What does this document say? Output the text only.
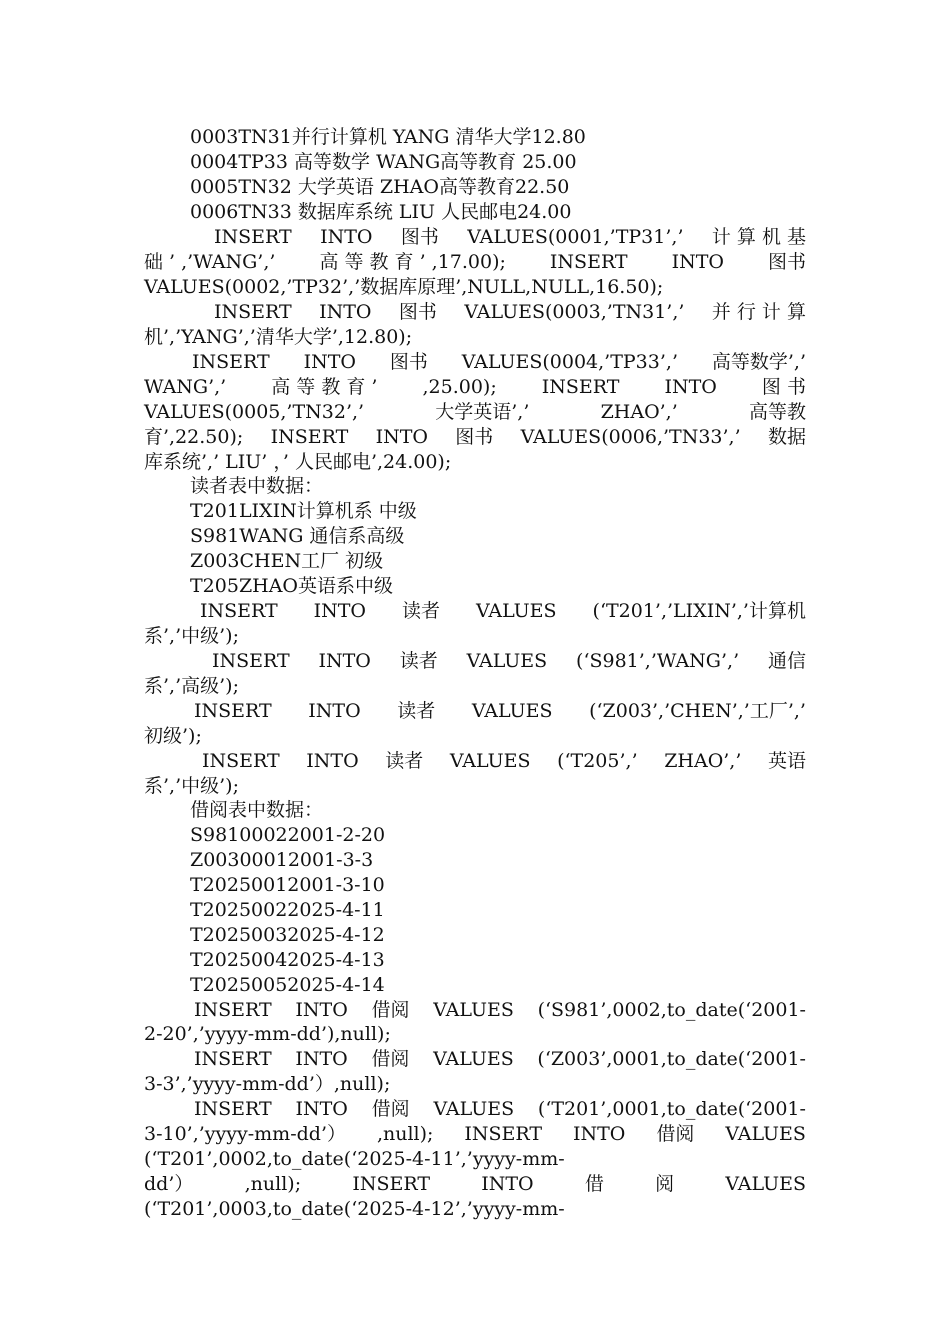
0003TN31并行计算机 YANG 清华大学12.80
0004TP33 高等数学 WANG高等教育 25.00
0005TN32 大学英语 ZHAO高等教育22.50
0006TN33 数据库系统 LIU 人民邮电24.00
INSERT INTO 图书 VALUES(0001,’TP31’,’ 计 算 机 基
础 ’ ,’WANG’,’ 高 等 教 育 ’ ,17.00); INSERT INTO 图书
VALUES(0002,’TP32’,’数据库原理’,NULL,NULL,16.50);
INSERT INTO 图书 VALUES(0003,’TN31’,’ 并 行 计 算
机’,’YANG’,’清华大学’,12.80);
INSERT INTO 图书 VALUES(0004,’TP33’,’ 高等数学’,’
WANG’,’ 高 等 教 育 ’ ,25.00); INSERT INTO 图 书
VALUES(0005,’TN32’,’	大学英语’,’	ZHAO’,’	高等教
育’,22.50); INSERT INTO 图书 VALUES(0006,’TN33’,’ 数据
库系统’,’ LIU’ ，’ 人民邮电’,24.00);
读者表中数据：
T201LIXIN计算机系 中级
S981WANG 通信系高级
Z003CHEN工厂 初级
T205ZHAO英语系中级
INSERT INTO 读者 VALUES (‘T201’,’LIXIN’,’计算机
系’,’中级’);
INSERT INTO 读者 VALUES (‘S981’,’WANG’,’ 通信
系’,’高级’);
INSERT INTO 读者 VALUES (‘Z003’,’CHEN’,’工厂’,’
初级’);
INSERT INTO 读者 VALUES (‘T205’,’ ZHAO’,’ 英语
系’,’中级’);
借阅表中数据：
S98100022001-2-20
Z00300012001-3-3
T20250012001-3-10
T20250022025-4-11
T20250032025-4-12
T20250042025-4-13
T20250052025-4-14
INSERT INTO 借阅 VALUES (‘S981’,0002,to_date(‘2001-
2-20’,’yyyy-mm-dd’),null);
INSERT INTO 借阅 VALUES (‘Z003’,0001,to_date(‘2001-
3-3’,’yyyy-mm-dd’）,null);
INSERT INTO 借阅 VALUES (‘T201’,0001,to_date(‘2001-
3-10’,’yyyy-mm-dd’） ,null); INSERT INTO 借阅 VALUES
(‘T201’,0002,to_date(‘2025-4-11’,’yyyy-mm-
dd’）	,null);	INSERT	INTO	借	阅	VALUES
(‘T201’,0003,to_date(‘2025-4-12’,’yyyy-mm-
